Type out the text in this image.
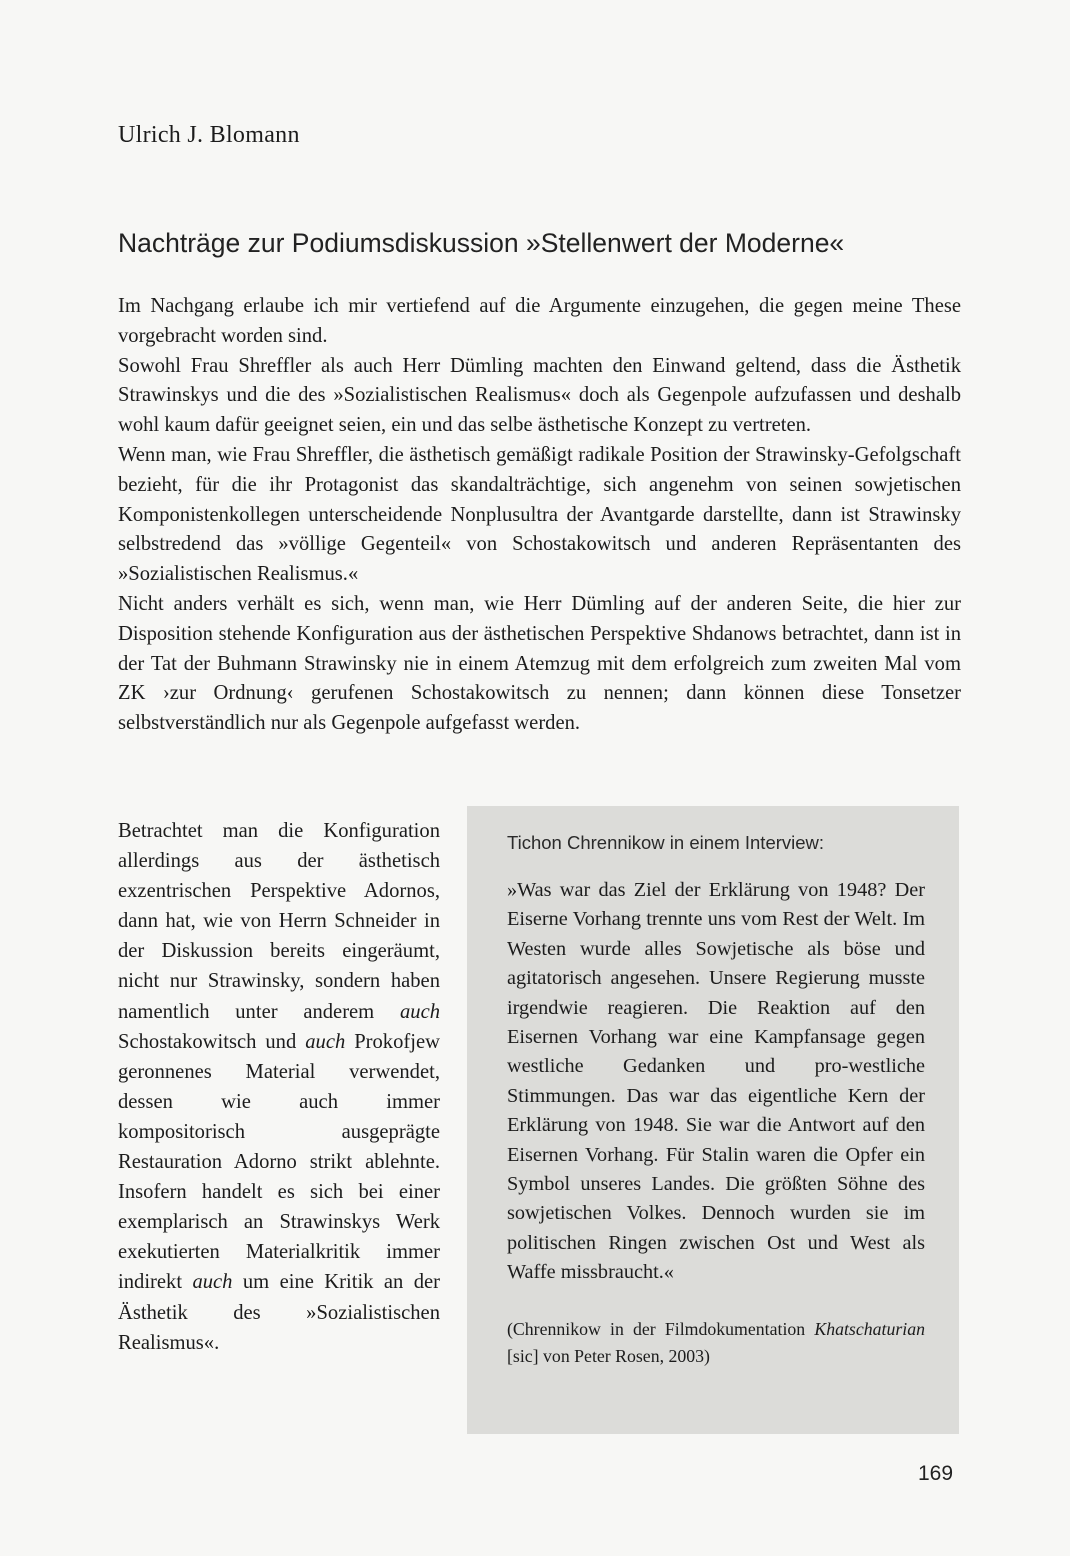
Ulrich J. Blomann
Nachträge zur Podiumsdiskussion »Stellenwert der Moderne«

Im Nachgang erlaube ich mir vertiefend auf die Argumente einzugehen, die gegen meine These vorgebracht worden sind.

Sowohl Frau Shreffler als auch Herr Dümling machten den Einwand geltend, dass die Ästhetik Strawinskys und die des »Sozialistischen Realismus« doch als Gegenpole aufzufassen und deshalb wohl kaum dafür geeignet seien, ein und das selbe ästhetische Konzept zu vertreten.

Wenn man, wie Frau Shreffler, die ästhetisch gemäßigt radikale Position der Strawinsky-Gefolgschaft bezieht, für die ihr Protagonist das skandalträchtige, sich angenehm von seinen sowjetischen Komponistenkollegen unterscheidende Nonplusultra der Avantgarde darstellte, dann ist Strawinsky selbstredend das »völlige Gegenteil« von Schostakowitsch und anderen Repräsentanten des »Sozialistischen Realismus.«

Nicht anders verhält es sich, wenn man, wie Herr Dümling auf der anderen Seite, die hier zur Disposition stehende Konfiguration aus der ästhetischen Perspektive Shdanows betrachtet, dann ist in der Tat der Buhmann Strawinsky nie in einem Atemzug mit dem erfolgreich zum zweiten Mal vom ZK ›zur Ordnung‹ gerufenen Schostakowitsch zu nennen; dann können diese Tonsetzer selbstverständlich nur als Gegenpole aufgefasst werden.

Betrachtet man die Konfiguration allerdings aus der ästhetisch exzentrischen Perspektive Adornos, dann hat, wie von Herrn Schneider in der Diskussion bereits eingeräumt, nicht nur Strawinsky, sondern haben namentlich unter anderem auch Schostakowitsch und auch Prokofjew geronnenes Material verwendet, dessen wie auch immer kompositorisch ausgeprägte Restauration Adorno strikt ablehnte. Insofern handelt es sich bei einer exemplarisch an Strawinskys Werk exekutierten Materialkritik immer indirekt auch um eine Kritik an der Ästhetik des »Sozialistischen Realismus«.

Tichon Chrennikow in einem Interview:

»Was war das Ziel der Erklärung von 1948? Der Eiserne Vorhang trennte uns vom Rest der Welt. Im Westen wurde alles Sowjetische als böse und agitatorisch angesehen. Unsere Regierung musste irgendwie reagieren. Die Reaktion auf den Eisernen Vorhang war eine Kampfansage gegen westliche Gedanken und pro-westliche Stimmungen. Das war das eigentliche Kern der Erklärung von 1948. Sie war die Antwort auf den Eisernen Vorhang. Für Stalin waren die Opfer ein Symbol unseres Landes. Die größten Söhne des sowjetischen Volkes. Dennoch wurden sie im politischen Ringen zwischen Ost und West als Waffe missbraucht.«

(Chrennikow in der Filmdokumentation Khatschaturian [sic] von Peter Rosen, 2003)
169
